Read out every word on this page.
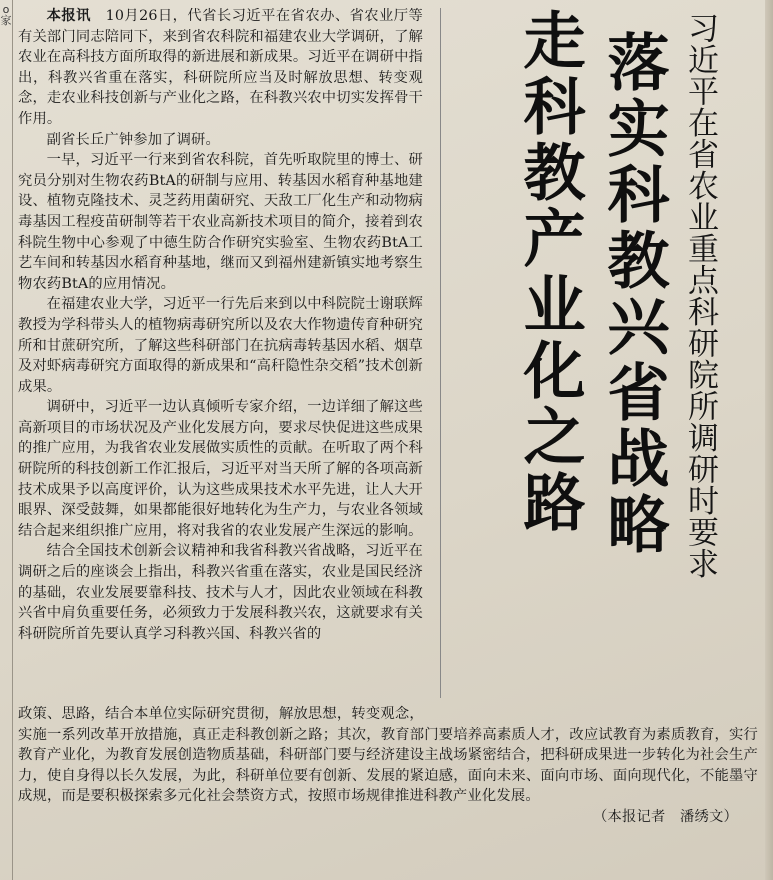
o 家	本报讯　 10月26日，代省长习近平在省农办、省农业厅等有关部门同志陪同下，来到省农科院和福建农业大学调研，了解农业在高科技方面所取得的新进展和新成果。习近平在调研中指出，科教兴省重在落实，科研院所应当及时解放思想、转变观念，走农业科技创新与产业化之路，在科教兴农中切实发挥骨干作用。

副省长丘广钟参加了调研。

一早，习近平一行来到省农科院，首先听取院里的博士、研究员分别对生物农药BtA的研制与应用、转基因水稻育种基地建设、植物克隆技术、灵芝药用菌研究、天敌工厂化生产和动物病毒基因工程疫苗研制等若干农业高新技术项目的简介，接着到农科院生物中心参观了中德生防合作研究实验室、生物农药BtA工艺车间和转基因水稻育种基地，继而又到福州建新镇实地考察生物农药BtA的应用情况。

在福建农业大学，习近平一行先后来到以中科院院士谢联辉教授为学科带头人的植物病毒研究所以及农大作物遗传育种研究所和甘蔗研究所，了解这些科研部门在抗病毒转基因水稻、烟草及对虾病毒研究方面取得的新成果和“高秆隐性杂交稻”技术创新成果。

调研中，习近平一边认真倾听专家介绍，一边详细了解这些高新项目的市场状况及产业化发展方向，要求尽快促进这些成果的推广应用，为我省农业发展做实质性的贡献。在听取了两个科研院所的科技创新工作汇报后，习近平对当天所了解的各项高新技术成果予以高度评价，认为这些成果技术水平先进，让人大开眼界、深受鼓舞，如果都能很好地转化为生产力，与农业各领域结合起来组织推广应用，将对我省的农业发展产生深远的影响。

结合全国技术创新会议精神和我省科教兴省战略，习近平在调研之后的座谈会上指出，科教兴省重在落实，农业是国民经济的基础，农业发展要靠科技、技术与人才，因此农业领域在科教兴省中肩负重要任务，必须致力于发展科教兴农，这就要求有关科研院所首先要认真学习科教兴国、科教兴省的

走科教产业化之路 落实科教兴省战略 习近平在省农业重点科研院所调研时要求

政策、思路，结合本单位实际研究贯彻，解放思想，转变观念，

实施一系列改革开放措施，真正走科教创新之路；其次，教育部门要培养高素质人才，改应试教育为素质教育，实行教育产业化，为教育发展创造物质基础，科研部门要与经济建设主战场紧密结合，把科研成果进一步转化为社会生产力，使自身得以长久发展，为此，科研单位要有创新、发展的紧迫感，面向未来、面向市场、面向现代化，不能墨守成规，而是要积极探索多元化社会禁资方式，按照市场规律推进科教产业化发展。

（本报记者　潘绣文）
